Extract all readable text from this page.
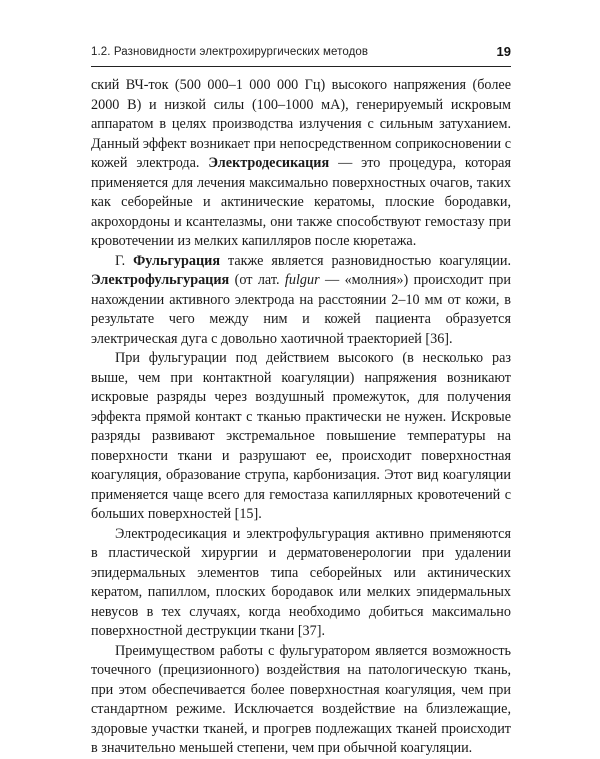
1.2. Разновидности электрохирургических методов	19

ский ВЧ-ток (500 000–1 000 000 Гц) высокого напряжения (более 2000 В) и низкой силы (100–1000 мА), генерируемый искровым аппаратом в целях производства излучения с сильным затуханием. Данный эффект возникает при непосредственном соприкосновении с кожей электрода. Электродесикация — это процедура, которая применяется для лечения максимально поверхностных очагов, таких как себорейные и актинические кератомы, плоские бородавки, акрохордоны и ксантелазмы, они также способствуют гемостазу при кровотечении из мелких капилляров после кюретажа.

Г. Фульгурация также является разновидностью коагуляции. Электрофульгурация (от лат. fulgur — «молния») происходит при нахождении активного электрода на расстоянии 2–10 мм от кожи, в результате чего между ним и кожей пациента образуется электрическая дуга с довольно хаотичной траекторией [36].

При фульгурации под действием высокого (в несколько раз выше, чем при контактной коагуляции) напряжения возникают искровые разряды через воздушный промежуток, для получения эффекта прямой контакт с тканью практически не нужен. Искровые разряды развивают экстремальное повышение температуры на поверхности ткани и разрушают ее, происходит поверхностная коагуляция, образование струпа, карбонизация. Этот вид коагуляции применяется чаще всего для гемостаза капиллярных кровотечений с больших поверхностей [15].

Электродесикация и электрофульгурация активно применяются в пластической хирургии и дерматовенерологии при удалении эпидермальных элементов типа себорейных или актинических кератом, папиллом, плоских бородавок или мелких эпидермальных невусов в тех случаях, когда необходимо добиться максимально поверхностной деструкции ткани [37].

Преимуществом работы с фульгуратором является возможность точечного (прецизионного) воздействия на патологическую ткань, при этом обеспечивается более поверхностная коагуляция, чем при стандартном режиме. Исключается воздействие на близлежащие, здоровые участки тканей, и прогрев подлежащих тканей происходит в значительно меньшей степени, чем при обычной коагуляции.
